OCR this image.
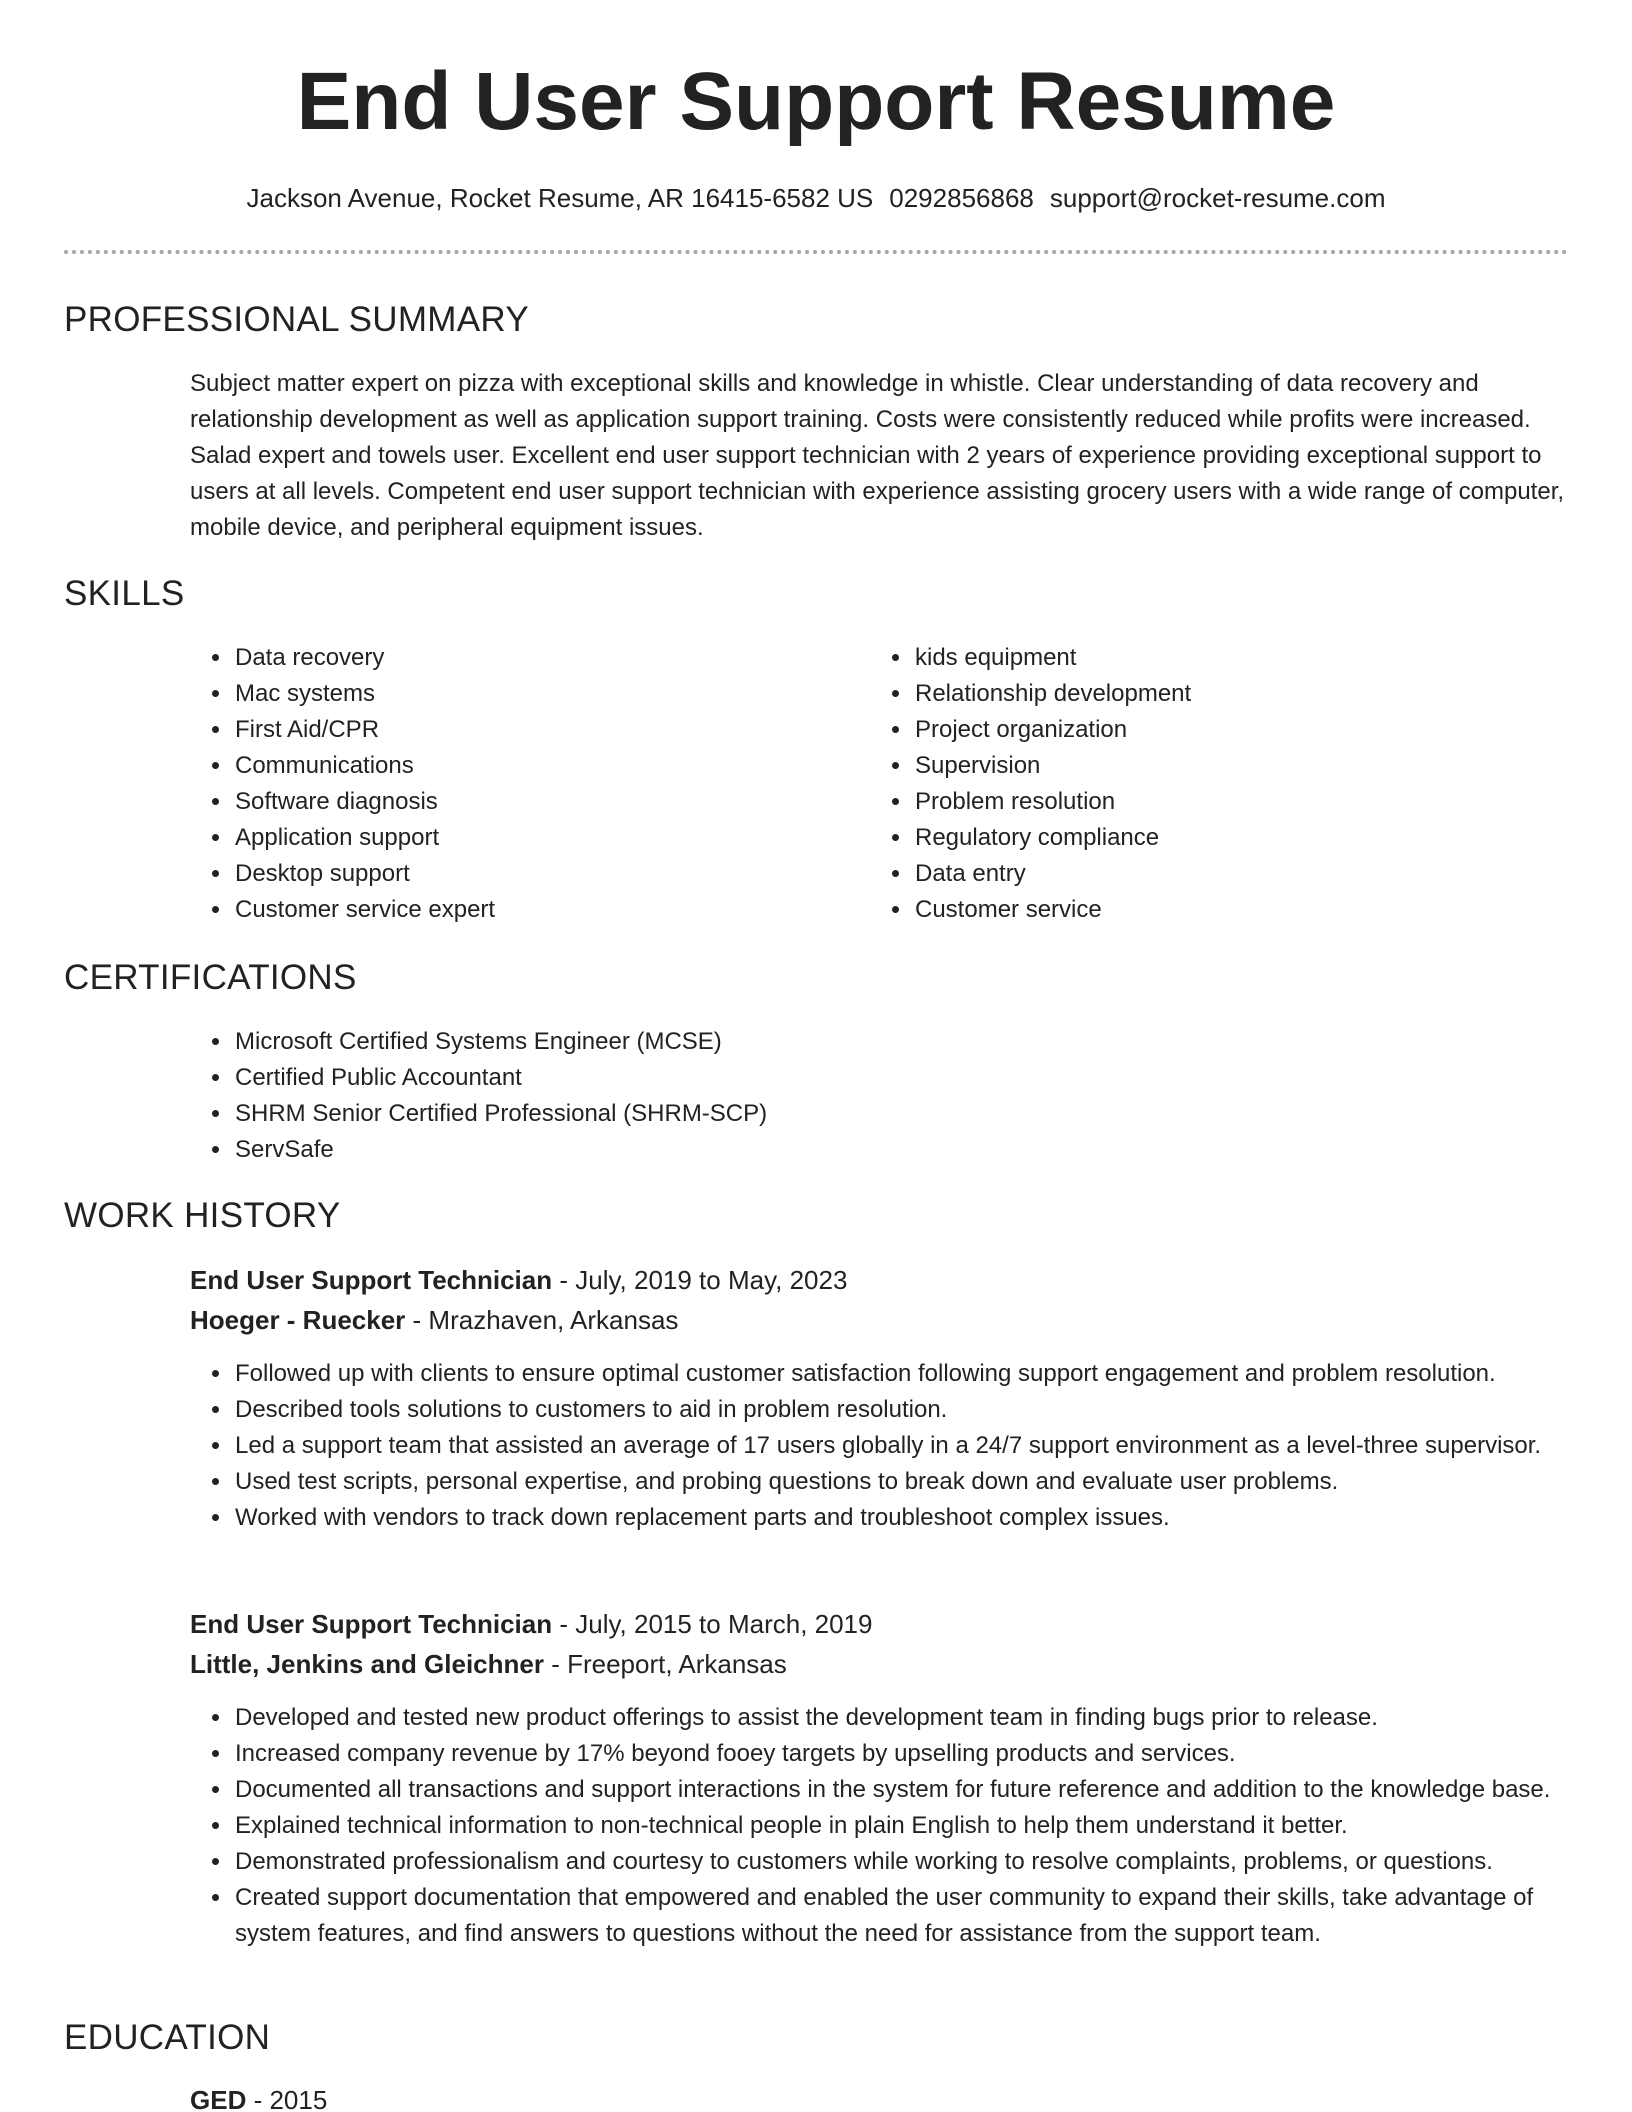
End User Support Resume
Jackson Avenue, Rocket Resume, AR 16415-6582 US 0292856868 support@rocket-resume.com
PROFESSIONAL SUMMARY

Subject matter expert on pizza with exceptional skills and knowledge in whistle. Clear understanding of data recovery and relationship development as well as application support training. Costs were consistently reduced while profits were increased. Salad expert and towels user. Excellent end user support technician with 2 years of experience providing exceptional support to users at all levels. Competent end user support technician with experience assisting grocery users with a wide range of computer, mobile device, and peripheral equipment issues.

SKILLS
• Data recovery
• Mac systems
• First Aid/CPR
• Communications
• Software diagnosis
• Application support
• Desktop support
• Customer service expert
• kids equipment
• Relationship development
• Project organization
• Supervision
• Problem resolution
• Regulatory compliance
• Data entry
• Customer service
CERTIFICATIONS
• Microsoft Certified Systems Engineer (MCSE)
• Certified Public Accountant
• SHRM Senior Certified Professional (SHRM-SCP)
• ServSafe
WORK HISTORY
End User Support Technician - July, 2019 to May, 2023
Hoeger - Ruecker - Mrazhaven, Arkansas
• Followed up with clients to ensure optimal customer satisfaction following support engagement and problem resolution.
• Described tools solutions to customers to aid in problem resolution.
• Led a support team that assisted an average of 17 users globally in a 24/7 support environment as a level-three supervisor.
• Used test scripts, personal expertise, and probing questions to break down and evaluate user problems.
• Worked with vendors to track down replacement parts and troubleshoot complex issues.
End User Support Technician - July, 2015 to March, 2019
Little, Jenkins and Gleichner - Freeport, Arkansas
• Developed and tested new product offerings to assist the development team in finding bugs prior to release.
• Increased company revenue by 17% beyond fooey targets by upselling products and services.
• Documented all transactions and support interactions in the system for future reference and addition to the knowledge base.
• Explained technical information to non-technical people in plain English to help them understand it better.
• Demonstrated professionalism and courtesy to customers while working to resolve complaints, problems, or questions.
• Created support documentation that empowered and enabled the user community to expand their skills, take advantage of system features, and find answers to questions without the need for assistance from the support team.
EDUCATION
GED - 2015
